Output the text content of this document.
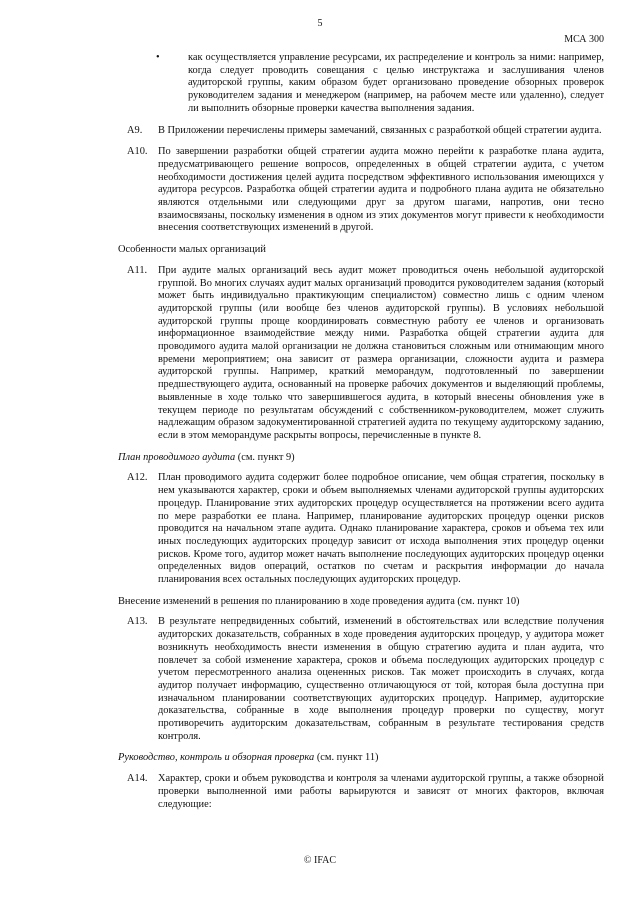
5
МСА 300
•	как осуществляется управление ресурсами, их распределение и контроль за ними: например, когда следует проводить совещания с целью инструктажа и заслушивания членов аудиторской группы, каким образом будет организовано проведение обзорных проверок руководителем задания и менеджером (например, на рабочем месте или удаленно), следует ли выполнить обзорные проверки качества выполнения задания.
A9. В Приложении перечислены примеры замечаний, связанных с разработкой общей стратегии аудита.
A10. По завершении разработки общей стратегии аудита можно перейти к разработке плана аудита, предусматривающего решение вопросов, определенных в общей стратегии аудита, с учетом необходимости достижения целей аудита посредством эффективного использования имеющихся у аудитора ресурсов. Разработка общей стратегии аудита и подробного плана аудита не обязательно являются отдельными или следующими друг за другом шагами, напротив, они тесно взаимосвязаны, поскольку изменения в одном из этих документов могут привести к необходимости внесения соответствующих изменений в другой.
Особенности малых организаций
A11. При аудите малых организаций весь аудит может проводиться очень небольшой аудиторской группой. Во многих случаях аудит малых организаций проводится руководителем задания (который может быть индивидуально практикующим специалистом) совместно лишь с одним членом аудиторской группы (или вообще без членов аудиторской группы). В условиях небольшой аудиторской группы проще координировать совместную работу ее членов и организовать информационное взаимодействие между ними. Разработка общей стратегии аудита для проводимого аудита малой организации не должна становиться сложным или отнимающим много времени мероприятием; она зависит от размера организации, сложности аудита и размера аудиторской группы. Например, краткий меморандум, подготовленный по завершении предшествующего аудита, основанный на проверке рабочих документов и выделяющий проблемы, выявленные в ходе только что завершившегося аудита, в который внесены обновления уже в текущем периоде по результатам обсуждений с собственником-руководителем, может служить надлежащим образом задокументированной стратегией аудита по текущему аудиторскому заданию, если в этом меморандуме раскрыты вопросы, перечисленные в пункте 8.
План проводимого аудита (см. пункт 9)
A12. План проводимого аудита содержит более подробное описание, чем общая стратегия, поскольку в нем указываются характер, сроки и объем выполняемых членами аудиторской группы аудиторских процедур. Планирование этих аудиторских процедур осуществляется на протяжении всего аудита по мере разработки ее плана. Например, планирование аудиторских процедур оценки рисков проводится на начальном этапе аудита. Однако планирование характера, сроков и объема тех или иных последующих аудиторских процедур зависит от исхода выполнения этих процедур оценки рисков. Кроме того, аудитор может начать выполнение последующих аудиторских процедур оценки определенных видов операций, остатков по счетам и раскрытия информации до начала планирования всех остальных последующих аудиторских процедур.
Внесение изменений в решения по планированию в ходе проведения аудита (см. пункт 10)
A13. В результате непредвиденных событий, изменений в обстоятельствах или вследствие получения аудиторских доказательств, собранных в ходе проведения аудиторских процедур, у аудитора может возникнуть необходимость внести изменения в общую стратегию аудита и план аудита, что повлечет за собой изменение характера, сроков и объема последующих аудиторских процедур с учетом пересмотренного анализа оцененных рисков. Так может происходить в случаях, когда аудитор получает информацию, существенно отличающуюся от той, которая была доступна при изначальном планировании соответствующих аудиторских процедур. Например, аудиторские доказательства, собранные в ходе выполнения процедур проверки по существу, могут противоречить аудиторским доказательствам, собранным в результате тестирования средств контроля.
Руководство, контроль и обзорная проверка (см. пункт 11)
A14. Характер, сроки и объем руководства и контроля за членами аудиторской группы, а также обзорной проверки выполненной ими работы варьируются и зависят от многих факторов, включая следующие:
© IFAC
